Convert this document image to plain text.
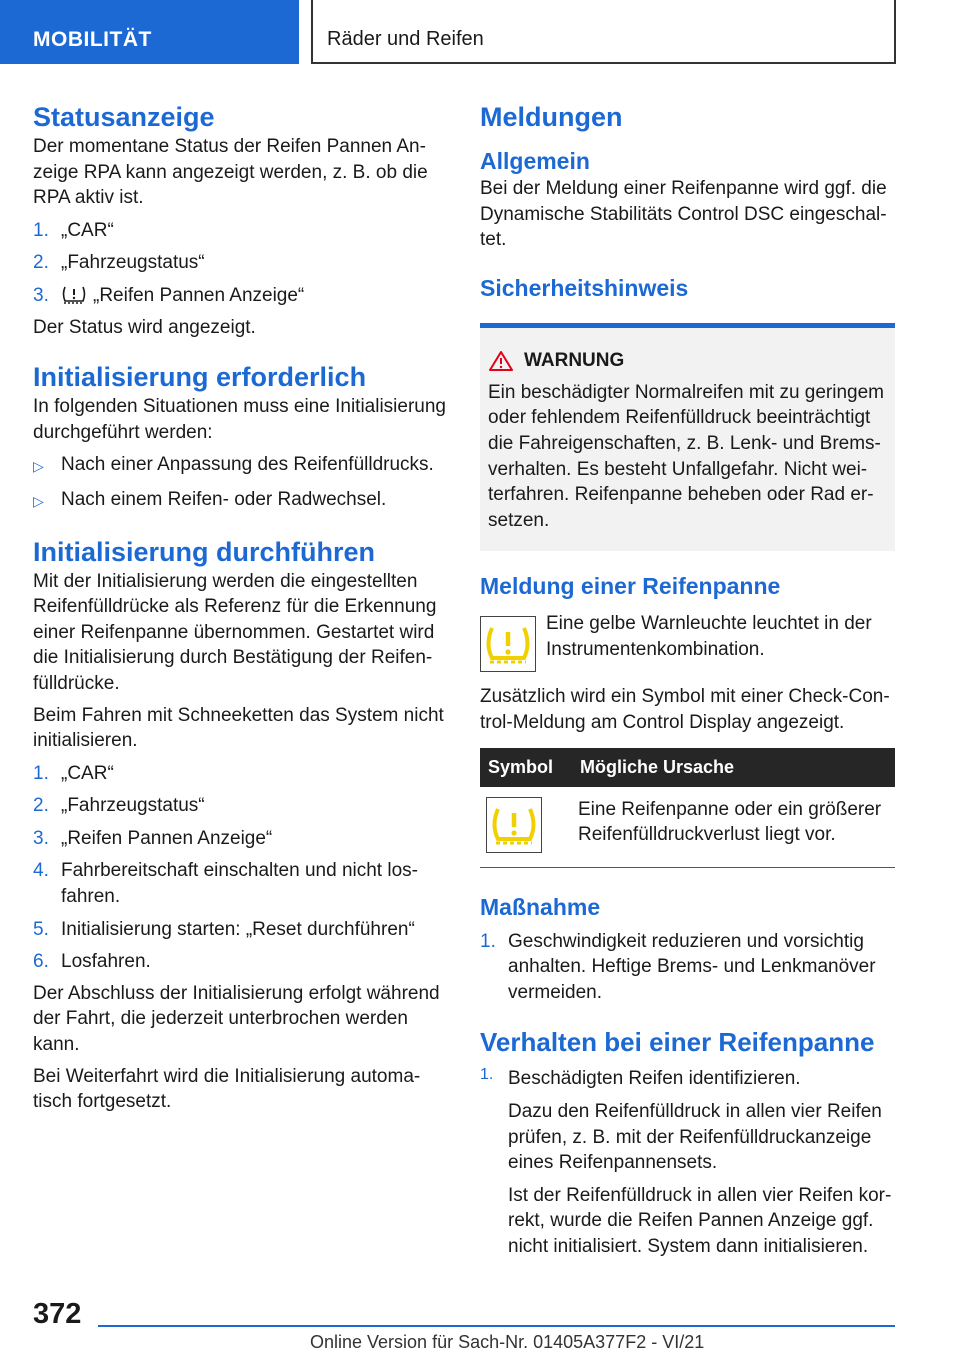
MOBILITÄT	Räder und Reifen
Statusanzeige

Der momentane Status der Reifen Pannen An- zeige RPA kann angezeigt werden, z. B. ob die RPA aktiv ist.

1. „CAR“
2. „Fahrzeugstatus“
3.	„Reifen Pannen Anzeige“

Der Status wird angezeigt.

Initialisierung erforderlich

In folgenden Situationen muss eine Initialisierung durchgeführt werden:

▷ Nach einer Anpassung des Reifenfülldrucks.
▷ Nach einem Reifen- oder Radwechsel.
Initialisierung durchführen

Mit der Initialisierung werden die eingestellten Reifenfülldrücke als Referenz für die Erkennung einer Reifenpanne übernommen. Gestartet wird die Initialisierung durch Bestätigung der Reifen- fülldrücke.

Beim Fahren mit Schneeketten das System nicht initialisieren.

1. „CAR“
2. „Fahrzeugstatus“
3. „Reifen Pannen Anzeige“
4. Fahrbereitschaft einschalten und nicht los- fahren.
5. Initialisierung starten: „Reset durchführen“
6. Losfahren.

Der Abschluss der Initialisierung erfolgt während der Fahrt, die jederzeit unterbrochen werden kann.

Bei Weiterfahrt wird die Initialisierung automa- tisch fortgesetzt.

Meldungen
Allgemein

Bei der Meldung einer Reifenpanne wird ggf. die Dynamische Stabilitäts Control DSC eingeschal- tet.

Sicherheitshinweis
WARNUNG

Ein beschädigter Normalreifen mit zu geringem oder fehlendem Reifenfülldruck beeinträchtigt die Fahreigenschaften, z. B. Lenk- und Brems- verhalten. Es besteht Unfallgefahr. Nicht wei- terfahren. Reifenpanne beheben oder Rad er- setzen.

Meldung einer Reifenpanne

Eine gelbe Warnleuchte leuchtet in der Instrumentenkombination.

Zusätzlich wird ein Symbol mit einer Check-Con- trol-Meldung am Control Display angezeigt.

Symbol	Mögliche Ursache

	Eine Reifenpanne oder ein größerer Reifenfülldruckverlust liegt vor.
Maßnahme
1. Geschwindigkeit reduzieren und vorsichtig anhalten. Heftige Brems- und Lenkmanöver vermeiden.
Verhalten bei einer Reifenpanne
1. Beschädigten Reifen identifizieren.

Dazu den Reifenfülldruck in allen vier Reifen prüfen, z. B. mit der Reifenfülldruckanzeige eines Reifenpannensets.

Ist der Reifenfülldruck in allen vier Reifen kor- rekt, wurde die Reifen Pannen Anzeige ggf. nicht initialisiert. System dann initialisieren.

372
Online Version für Sach-Nr. 01405A377F2 - VI/21
